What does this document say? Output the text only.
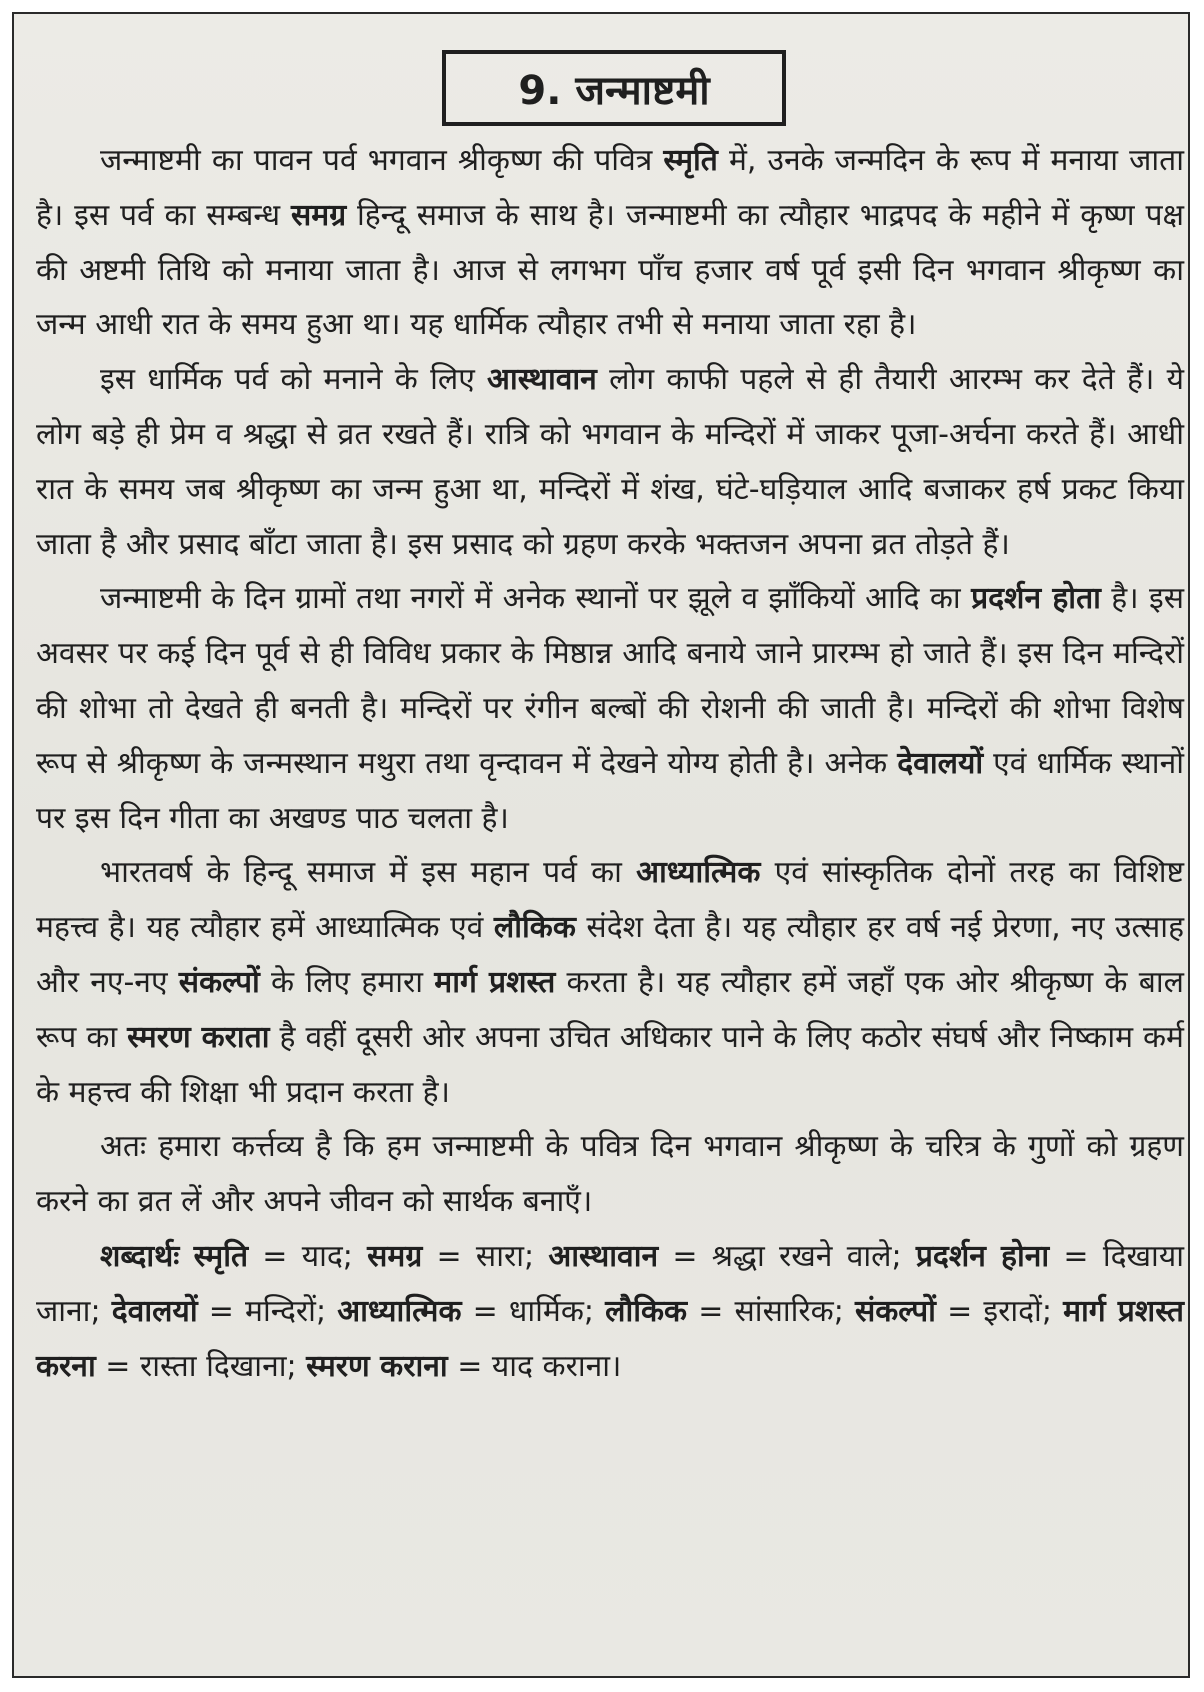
9. जन्माष्टमी

जन्माष्टमी का पावन पर्व भगवान श्रीकृष्ण की पवित्र स्मृति में, उनके जन्मदिन के रूप में मनाया जाता है। इस पर्व का सम्बन्ध समग्र हिन्दू समाज के साथ है। जन्माष्टमी का त्यौहार भाद्रपद के महीने में कृष्ण पक्ष की अष्टमी तिथि को मनाया जाता है। आज से लगभग पाँच हजार वर्ष पूर्व इसी दिन भगवान श्रीकृष्ण का जन्म आधी रात के समय हुआ था। यह धार्मिक त्यौहार तभी से मनाया जाता रहा है।

इस धार्मिक पर्व को मनाने के लिए आस्थावान लोग काफी पहले से ही तैयारी आरम्भ कर देते हैं। ये लोग बड़े ही प्रेम व श्रद्धा से व्रत रखते हैं। रात्रि को भगवान के मन्दिरों में जाकर पूजा-अर्चना करते हैं। आधी रात के समय जब श्रीकृष्ण का जन्म हुआ था, मन्दिरों में शंख, घंटे-घड़ियाल आदि बजाकर हर्ष प्रकट किया जाता है और प्रसाद बाँटा जाता है। इस प्रसाद को ग्रहण करके भक्तजन अपना व्रत तोड़ते हैं।

जन्माष्टमी के दिन ग्रामों तथा नगरों में अनेक स्थानों पर झूले व झाँकियों आदि का प्रदर्शन होता है। इस अवसर पर कई दिन पूर्व से ही विविध प्रकार के मिष्ठान्न आदि बनाये जाने प्रारम्भ हो जाते हैं। इस दिन मन्दिरों की शोभा तो देखते ही बनती है। मन्दिरों पर रंगीन बल्बों की रोशनी की जाती है। मन्दिरों की शोभा विशेष रूप से श्रीकृष्ण के जन्मस्थान मथुरा तथा वृन्दावन में देखने योग्य होती है। अनेक देवालयों एवं धार्मिक स्थानों पर इस दिन गीता का अखण्ड पाठ चलता है।

भारतवर्ष के हिन्दू समाज में इस महान पर्व का आध्यात्मिक एवं सांस्कृतिक दोनों तरह का विशिष्ट महत्त्व है। यह त्यौहार हमें आध्यात्मिक एवं लौकिक संदेश देता है। यह त्यौहार हर वर्ष नई प्रेरणा, नए उत्साह और नए-नए संकल्पों के लिए हमारा मार्ग प्रशस्त करता है। यह त्यौहार हमें जहाँ एक ओर श्रीकृष्ण के बाल रूप का स्मरण कराता है वहीं दूसरी ओर अपना उचित अधिकार पाने के लिए कठोर संघर्ष और निष्काम कर्म के महत्त्व की शिक्षा भी प्रदान करता है।

अतः हमारा कर्त्तव्य है कि हम जन्माष्टमी के पवित्र दिन भगवान श्रीकृष्ण के चरित्र के गुणों को ग्रहण करने का व्रत लें और अपने जीवन को सार्थक बनाएँ।

शब्दार्थः स्मृति = याद; समग्र = सारा; आस्थावान = श्रद्धा रखने वाले; प्रदर्शन होना = दिखाया जाना; देवालयों = मन्दिरों; आध्यात्मिक = धार्मिक; लौकिक = सांसारिक; संकल्पों = इरादों; मार्ग प्रशस्त करना = रास्ता दिखाना; स्मरण कराना = याद कराना।
